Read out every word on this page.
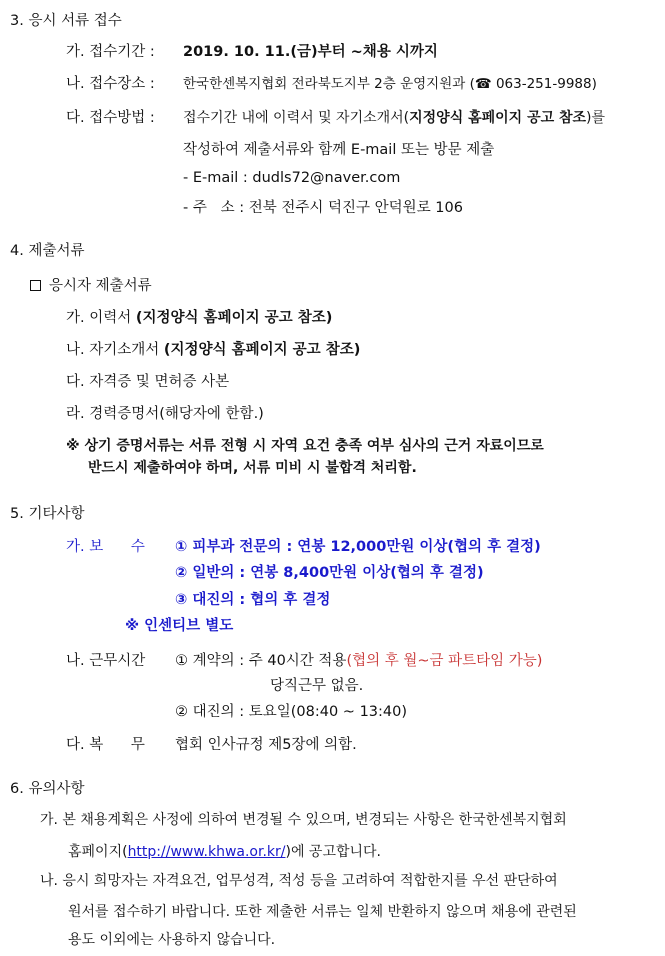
3. 응시 서류 접수
가. 접수기간 : 2019. 10. 11.(금)부터 ~채용 시까지
나. 접수장소 : 한국한센복지협회 전라북도지부 2층 운영지원과 (☎ 063-251-9988)
다. 접수방법 : 접수기간 내에 이력서 및 자기소개서(지정양식 홈페이지 공고 참조)를
작성하여 제출서류와 함께 E-mail 또는 방문 제출
- E-mail : dudls72@naver.com
- 주   소 : 전북 전주시 덕진구 안덕원로 106
4. 제출서류
응시자 제출서류
가. 이력서 (지정양식 홈페이지 공고 참조)
나. 자기소개서 (지정양식 홈페이지 공고 참조)
다. 자격증 및 면허증 사본
라. 경력증명서(해당자에 한함.)
※ 상기 증명서류는 서류 전형 시 자역 요건 충족 여부 심사의 근거 자료이므로
반드시 제출하여야 하며, 서류 미비 시 불합격 처리함.
5. 기타사항
가. 보      수 ① 피부과 전문의 : 연봉 12,000만원 이상(협의 후 결정)
② 일반의 : 연봉 8,400만원 이상(협의 후 결정)
③ 대진의 : 협의 후 결정
※ 인센티브 별도
나. 근무시간 ① 계약의 : 주 40시간 적용(협의 후 월~금 파트타임 가능)
당직근무 없음.
② 대진의 : 토요일(08:40 ~ 13:40)
다. 복      무 협회 인사규정 제5장에 의함.
6. 유의사항
가. 본 채용계획은 사정에 의하여 변경될 수 있으며, 변경되는 사항은 한국한센복지협회
홈페이지(http://www.khwa.or.kr/)에 공고합니다.
나. 응시 희망자는 자격요건, 업무성격, 적성 등을 고려하여 적합한지를 우선 판단하여
원서를 접수하기 바랍니다. 또한 제출한 서류는 일체 반환하지 않으며 채용에 관련된
용도 이외에는 사용하지 않습니다.
